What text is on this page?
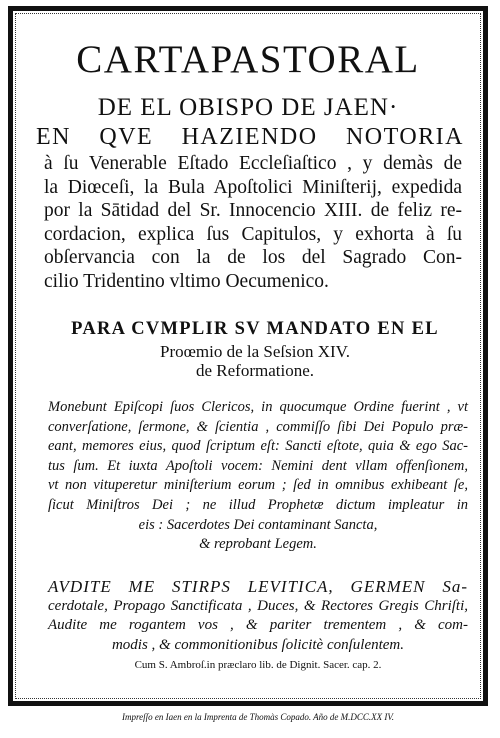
CARTAPASTORAL
DE EL OBISPO DE JAEN·
EN QVE HAZIENDO NOTORIA
à ſu Venerable Eſtado Eccleſiaſtico , y demàs de
la Diœceſi, la Bula Apoſtolici Miniſterij, expedida
por la Sātidad del Sr. Innocencio XIII. de feliz re-
cordacion, explica ſus Capitulos, y exhorta à ſu
obſervancia con la de los del Sagrado Con-
cilio Tridentino vltimo Oecumenico.
PARA CVMPLIR SV MANDATO EN EL
Proœmio de la Seſsion XIV.
de Reformatione.
Monebunt Epiſcopi ſuos Clericos, in quocumque Ordine fuerint , vt
converſatione, ſermone, & ſcientia , commiſſo ſibi Dei Populo præ-
eant, memores eius, quod ſcriptum eſt: Sancti eſtote, quia & ego Sac-
tus ſum. Et iuxta Apoſtoli vocem: Nemini dent vllam offenſionem,
vt non vituperetur miniſterium eorum ; ſed in omnibus exhibeant ſe,
ſicut Miniſtros Dei ; ne illud Prophetæ dictum impleatur in
eis : Sacerdotes Dei contaminant Sancta,
& reprobant Legem.
AVDITE ME STIRPS LEVITICA, GERMEN Sa-
cerdotale, Propago Sanctificata , Duces, & Rectores Gregis Chriſti,
Audite me rogantem vos , & pariter trementem , & com-
modis , & commonitionibus ſolicitè conſulentem.
Cum S. Ambroſ.in præclaro lib. de Dignit. Sacer. cap. 2.
Impreſſo en Iaen en la Imprenta de Thomàs Copado. Año de M.DCC.XX IV.
